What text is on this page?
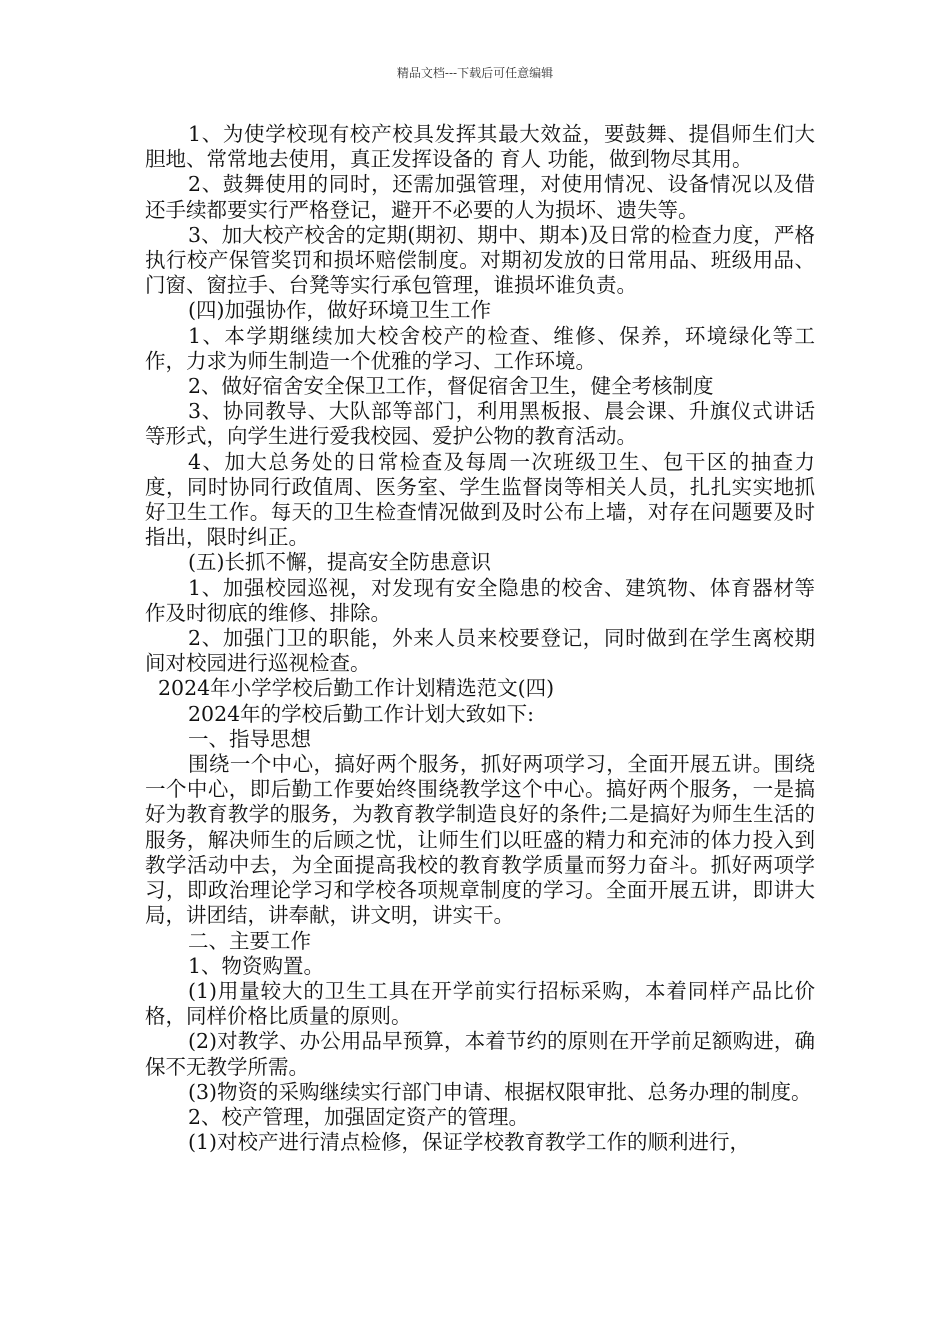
精品文档---下载后可任意编辑

1、为使学校现有校产校具发挥其最大效益，要鼓舞、提倡师生们大胆地、常常地去使用，真正发挥设备的 育人 功能，做到物尽其用。

2、鼓舞使用的同时，还需加强管理，对使用情况、设备情况以及借还手续都要实行严格登记，避开不必要的人为损坏、遗失等。

3、加大校产校舍的定期(期初、期中、期本)及日常的检查力度，严格执行校产保管奖罚和损坏赔偿制度。对期初发放的日常用品、班级用品、门窗、窗拉手、台凳等实行承包管理，谁损坏谁负责。

(四)加强协作，做好环境卫生工作

1、本学期继续加大校舍校产的检查、维修、保养，环境绿化等工作，力求为师生制造一个优雅的学习、工作环境。

2、做好宿舍安全保卫工作，督促宿舍卫生，健全考核制度

3、协同教导、大队部等部门，利用黑板报、晨会课、升旗仪式讲话等形式，向学生进行爱我校园、爱护公物的教育活动。

4、加大总务处的日常检查及每周一次班级卫生、包干区的抽查力度，同时协同行政值周、医务室、学生监督岗等相关人员，扎扎实实地抓好卫生工作。每天的卫生检查情况做到及时公布上墙，对存在问题要及时指出，限时纠正。

(五)长抓不懈，提高安全防患意识

1、加强校园巡视，对发现有安全隐患的校舍、建筑物、体育器材等作及时彻底的维修、排除。

2、加强门卫的职能，外来人员来校要登记，同时做到在学生离校期间对校园进行巡视检查。

2024年小学学校后勤工作计划精选范文(四)

2024年的学校后勤工作计划大致如下:

一、指导思想

围绕一个中心，搞好两个服务，抓好两项学习，全面开展五讲。围绕一个中心，即后勤工作要始终围绕教学这个中心。搞好两个服务，一是搞好为教育教学的服务，为教育教学制造良好的条件;二是搞好为师生生活的服务，解决师生的后顾之忧，让师生们以旺盛的精力和充沛的体力投入到教学活动中去，为全面提高我校的教育教学质量而努力奋斗。抓好两项学习，即政治理论学习和学校各项规章制度的学习。全面开展五讲，即讲大局，讲团结，讲奉献，讲文明，讲实干。

二、主要工作

1、物资购置。

(1)用量较大的卫生工具在开学前实行招标采购，本着同样产品比价格，同样价格比质量的原则。

(2)对教学、办公用品早预算，本着节约的原则在开学前足额购进，确保不无教学所需。

(3)物资的采购继续实行部门申请、根据权限审批、总务办理的制度。

2、校产管理，加强固定资产的管理。

(1)对校产进行清点检修，保证学校教育教学工作的顺利进行，
